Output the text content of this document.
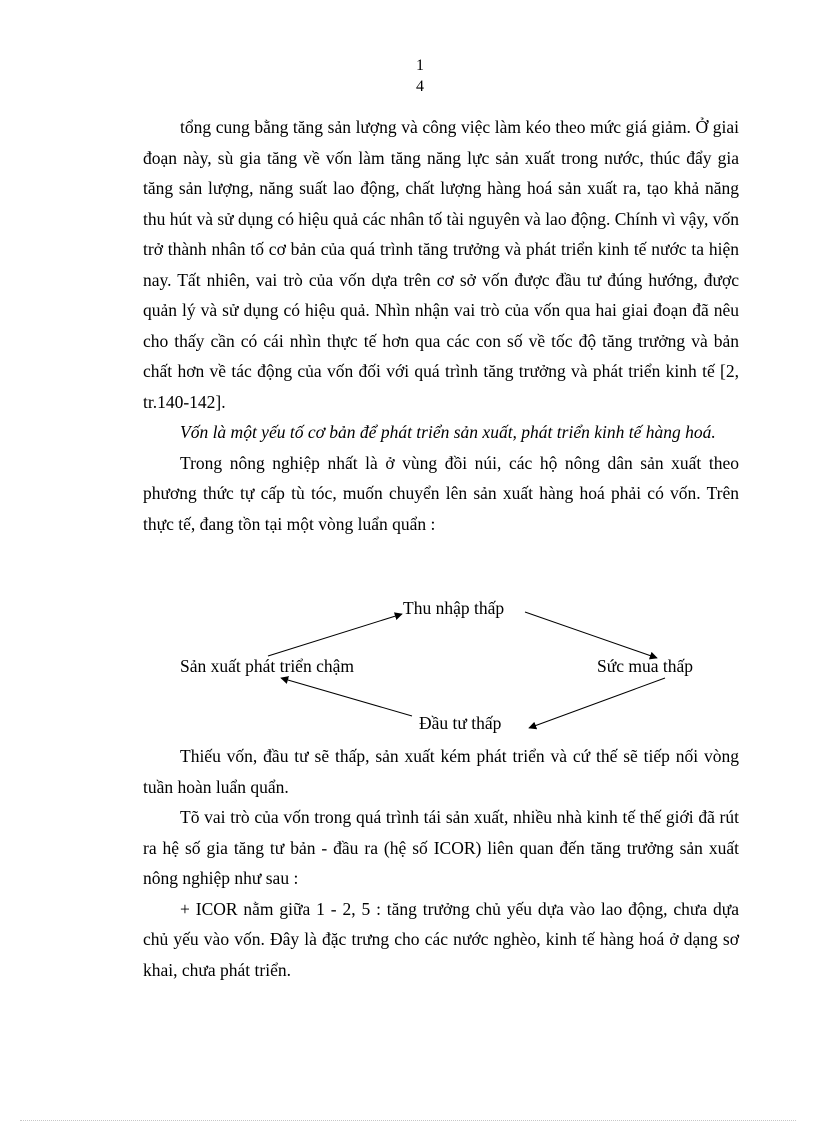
1
4

tổng cung bằng tăng sản lượng và công việc làm kéo theo mức giá giảm. Ở giai đoạn này, sù gia tăng về vốn làm tăng năng lực sản xuất trong nước, thúc đẩy gia tăng sản lượng, năng suất lao động, chất lượng hàng hoá sản xuất ra, tạo khả năng thu hút và sử dụng có hiệu quả các nhân tố tài nguyên và lao động. Chính vì vậy, vốn trở thành nhân tố cơ bản của quá trình tăng trưởng và phát triển kinh tế nước ta hiện nay. Tất nhiên, vai trò của vốn dựa trên cơ sở vốn được đầu tư đúng hướng, được quản lý và sử dụng có hiệu quả. Nhìn nhận vai trò của vốn qua hai giai đoạn đã nêu cho thấy cần có cái nhìn thực tế hơn qua các con số về tốc độ tăng trưởng và bản chất hơn về tác động của vốn đối với quá trình tăng trưởng và phát triển kinh tế [2, tr.140-142].

Vốn là một yếu tố cơ bản để phát triển sản xuất, phát triển kinh tế hàng hoá.

Trong nông nghiệp nhất là ở vùng đồi núi, các hộ nông dân sản xuất theo phương thức tự cấp tù tóc, muốn chuyển lên sản xuất hàng hoá phải có vốn. Trên thực tế, đang tồn tại một vòng luẩn quẩn :

Thu nhập thấp
Sức mua thấp
Đầu tư thấp
Sản xuất phát triển chậm

Thiếu vốn, đầu tư sẽ thấp, sản xuất kém phát triển và cứ thế sẽ tiếp nối vòng tuần hoàn luẩn quẩn.

Tõ vai trò của vốn trong quá trình tái sản xuất, nhiều nhà kinh tế thế giới đã rút ra hệ số gia tăng tư bản - đầu ra (hệ số ICOR) liên quan đến tăng trưởng sản xuất nông nghiệp như sau :

+ ICOR nằm giữa 1 - 2, 5 : tăng trưởng chủ yếu dựa vào lao động, chưa dựa chủ yếu vào vốn. Đây là đặc trưng cho các nước nghèo, kinh tế hàng hoá ở dạng sơ khai, chưa phát triển.
